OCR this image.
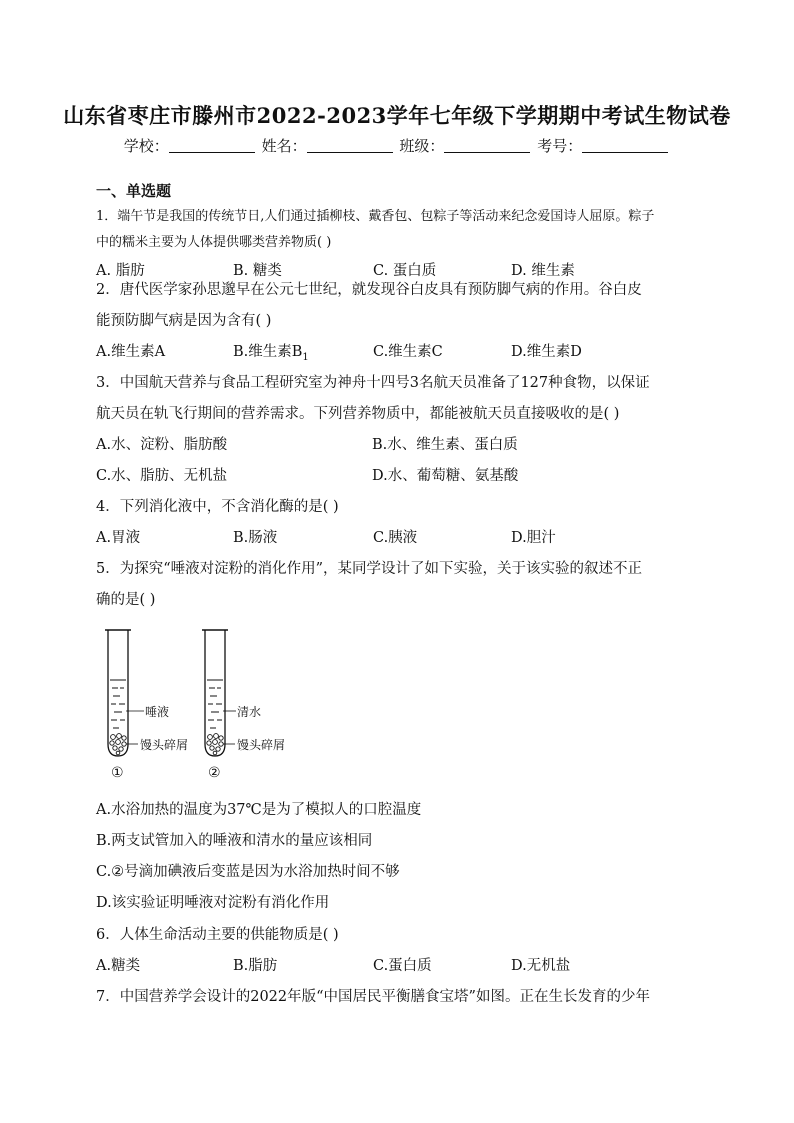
山东省枣庄市滕州市2022-2023学年七年级下学期期中考试生物试卷
学校：	姓名：	班级：	考号：
一、单选题
1．端午节是我国的传统节日,人们通过插柳枝、戴香包、包粽子等活动来纪念爱国诗人屈原。粽子
中的糯米主要为人体提供哪类营养物质( )
A. 脂肪	B. 糖类	C. 蛋白质	D. 维生素
2．唐代医学家孙思邈早在公元七世纪，就发现谷白皮具有预防脚气病的作用。谷白皮
能预防脚气病是因为含有( )
A.维生素A	B.维生素$B_1$	C.维生素C	D.维生素D
3．中国航天营养与食品工程研究室为神舟十四号3名航天员准备了127种食物，以保证
航天员在轨飞行期间的营养需求。下列营养物质中，都能被航天员直接吸收的是( )
A.水、淀粉、脂肪酸	B.水、维生素、蛋白质
C.水、脂肪、无机盐	D.水、葡萄糖、氨基酸
4．下列消化液中，不含消化酶的是( )
A.胃液	B.肠液	C.胰液	D.胆汁
5．为探究“唾液对淀粉的消化作用”，某同学设计了如下实验，关于该实验的叙述不正
确的是( )
唾液
馒头碎屑
①
清水
馒头碎屑
②
A.水浴加热的温度为37℃是为了模拟人的口腔温度
B.两支试管加入的唾液和清水的量应该相同
C.②号滴加碘液后变蓝是因为水浴加热时间不够
D.该实验证明唾液对淀粉有消化作用
6．人体生命活动主要的供能物质是( )
A.糖类	B.脂肪	C.蛋白质	D.无机盐
7．中国营养学会设计的2022年版“中国居民平衡膳食宝塔”如图。正在生长发育的少年
